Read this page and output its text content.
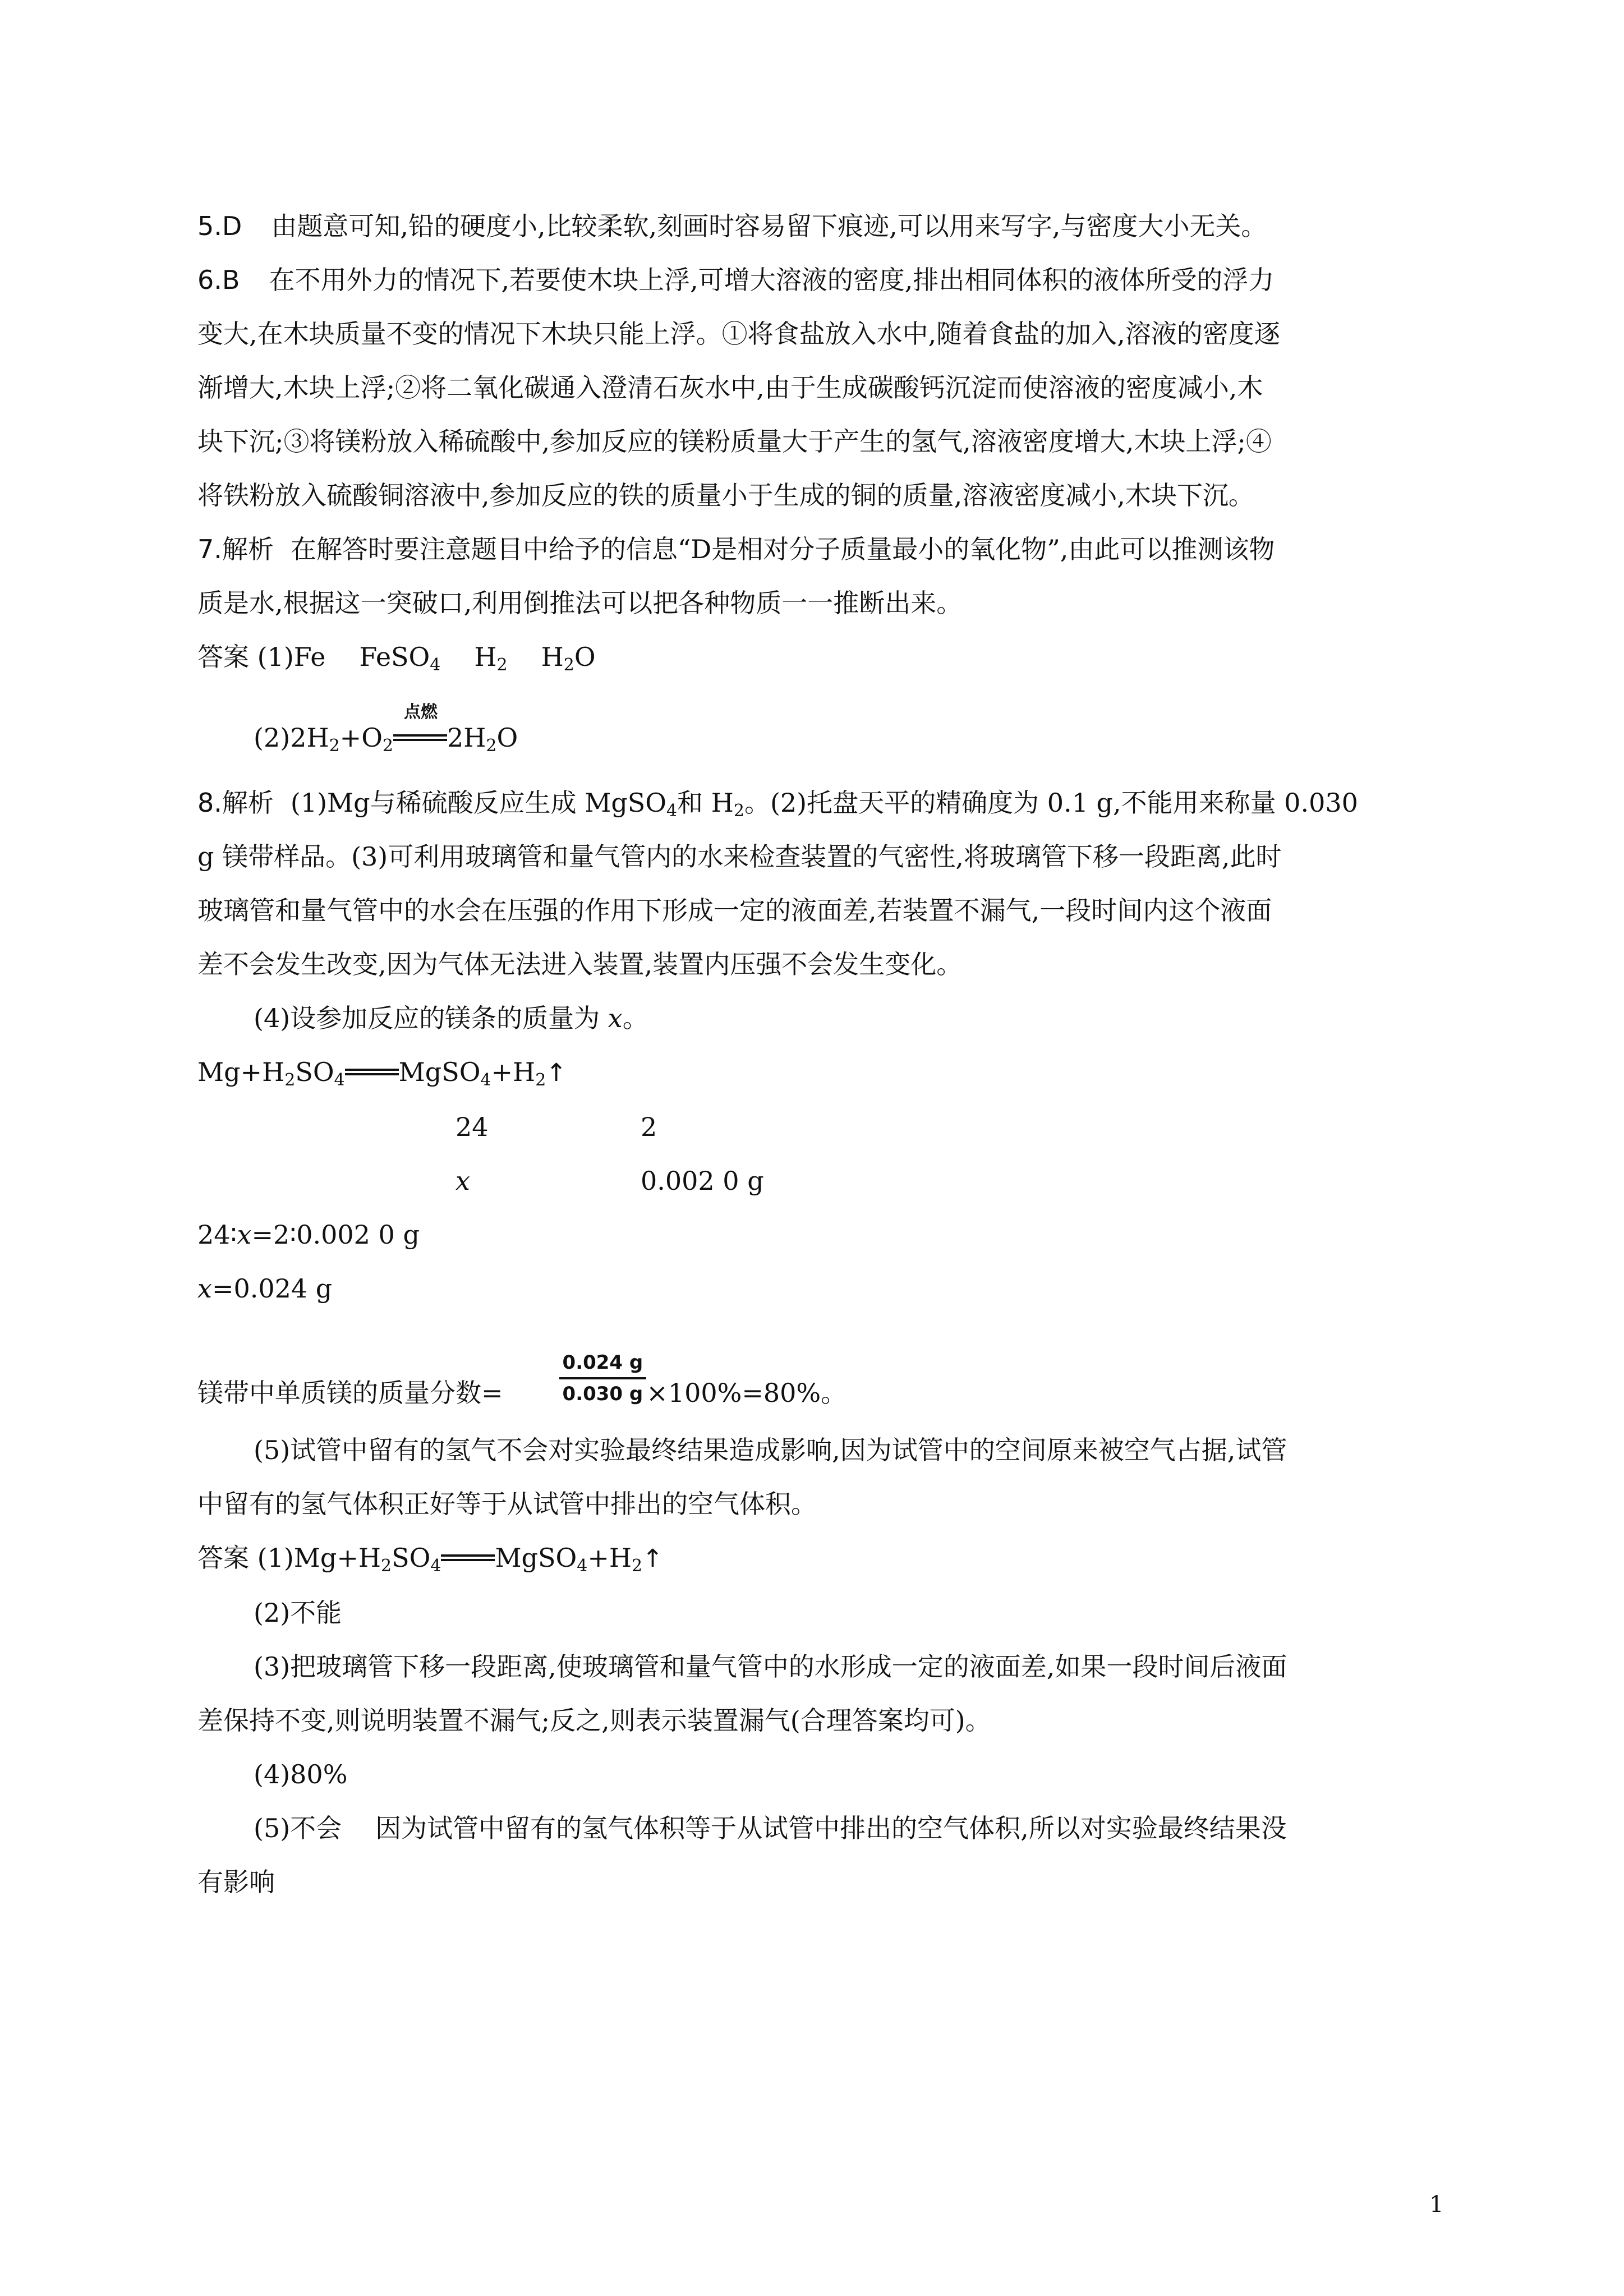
5.D 由题意可知,铅的硬度小,比较柔软,刻画时容易留下痕迹,可以用来写字,与密度大小无关。
6.B 在不用外力的情况下,若要使木块上浮,可增大溶液的密度,排出相同体积的液体所受的浮力
变大,在木块质量不变的情况下木块只能上浮。①将食盐放入水中,随着食盐的加入,溶液的密度逐
渐增大,木块上浮;②将二氧化碳通入澄清石灰水中,由于生成碳酸钙沉淀而使溶液的密度减小,木
块下沉;③将镁粉放入稀硫酸中,参加反应的镁粉质量大于产生的氢气,溶液密度增大,木块上浮;④
将铁粉放入硫酸铜溶液中,参加反应的铁的质量小于生成的铜的质量,溶液密度减小,木块下沉。
7.解析 在解答时要注意题目中给予的信息“D是相对分子质量最小的氧化物”,由此可以推测该物
质是水,根据这一突破口,利用倒推法可以把各种物质一一推断出来。
答案 (1)Fe FeSO$_4$ $H_2$ $H_2O$
$(2)2H_2+O_2$
点燃
$2H_2O$
8.解析 (1)Mg与稀硫酸反应生成 MgSO$_4$和 $H_2$。(2)托盘天平的精确度为 0.1 g,不能用来称量 0.030
g 镁带样品。(3)可利用玻璃管和量气管内的水来检查装置的气密性,将玻璃管下移一段距离,此时
玻璃管和量气管中的水会在压强的作用下形成一定的液面差,若装置不漏气,一段时间内这个液面
差不会发生改变,因为气体无法进入装置,装置内压强不会发生变化。
(4)设参加反应的镁条的质量为 x。
$Mg+H_2SO_4$ $MgSO_4+H_2↑$
24	2
x	0.002 0 g
24∶x=2∶0.002 0 g
x=0.024 g
镁带中单质镁的质量分数=	$\frac{0.024 g}{0.030 g} \times 100\%=80\%$。
(5)试管中留有的氢气不会对实验最终结果造成影响,因为试管中的空间原来被空气占据,试管
中留有的氢气体积正好等于从试管中排出的空气体积。
答案 $(1)Mg+H_2SO_4$ $MgSO_4+H_2↑$
(2)不能
(3)把玻璃管下移一段距离,使玻璃管和量气管中的水形成一定的液面差,如果一段时间后液面
差保持不变,则说明装置不漏气;反之,则表示装置漏气(合理答案均可)。
(4)80%
(5)不会 因为试管中留有的氢气体积等于从试管中排出的空气体积,所以对实验最终结果没
有影响
1
